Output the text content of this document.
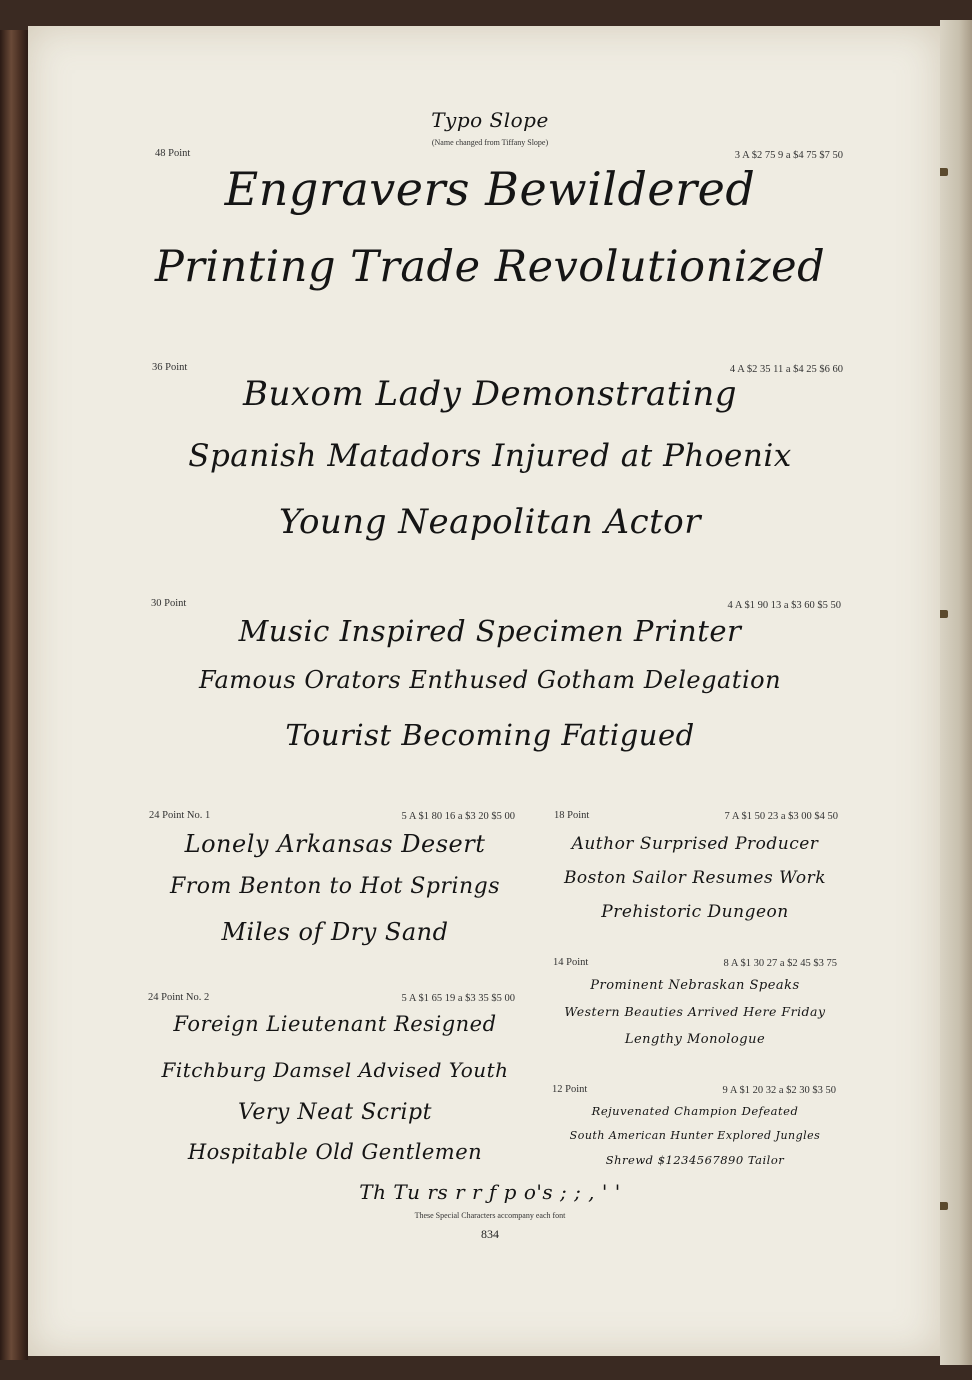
Typo Slope
(Name changed from Tiffany Slope)
48 Point	3 A $2 75 9 a $4 75 $7 50
Engravers Bewildered
Printing Trade Revolutionized
36 Point	4 A $2 35 11 a $4 25 $6 60
Buxom Lady Demonstrating
Spanish Matadors Injured at Phoenix
Young Neapolitan Actor
30 Point	4 A $1 90 13 a $3 60 $5 50
Music Inspired Specimen Printer
Famous Orators Enthused Gotham Delegation
Tourist Becoming Fatigued
24 Point No. 1	5 A $1 80 16 a $3 20 $5 00
Lonely Arkansas Desert
From Benton to Hot Springs
Miles of Dry Sand
24 Point No. 2	5 A $1 65 19 a $3 35 $5 00
Foreign Lieutenant Resigned
Fitchburg Damsel Advised Youth
Very Neat Script
Hospitable Old Gentlemen
18 Point	7 A $1 50 23 a $3 00 $4 50
Author Surprised Producer
Boston Sailor Resumes Work
Prehistoric Dungeon
14 Point	8 A $1 30 27 a $2 45 $3 75
Prominent Nebraskan Speaks
Western Beauties Arrived Here Friday
Lengthy Monologue
12 Point	9 A $1 20 32 a $2 30 $3 50
Rejuvenated Champion Defeated
South American Hunter Explored Jungles
Shrewd $1234567890 Tailor
Th Tu rs r r ƒ p o's ; ; , ' '
These Special Characters accompany each font
834
